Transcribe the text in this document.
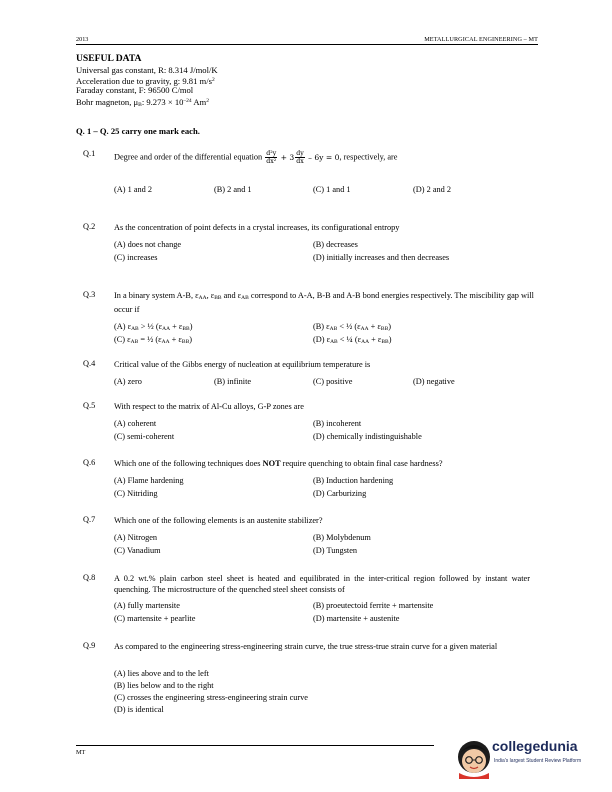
2013	METALLURGICAL ENGINEERING – MT
USEFUL DATA
Universal gas constant, R: 8.314 J/mol/K
Acceleration due to gravity, g: 9.81 $m/s^2$
Faraday constant, F: 96500 C/mol
Bohr magneton, μB: $9.273 \times 10^{-24}$ Am$^2$
Q. 1 – Q. 25 carry one mark each.
Q.1 Degree and order of the differential equation $\frac{\text{d²y}}{\text{dx²}} + 3 \frac{dy}{dx} - 6y = 0$, respectively, are
(A) 1 and 2	(B) 2 and 1	(C) 1 and 1	(D) 2 and 2
Q.2 As the concentration of point defects in a crystal increases, its configurational entropy
(A) does not change	(B) decreases
(C) increases	(D) initially increases and then decreases
Q.3 In a binary system A-B, εAA, εBB and εAB correspond to A-A, B-B and A-B bond energies respectively. The miscibility gap will occur if
(A) εAB > ½ (εAA + εBB)	(B) εAB < ½ (εAA + εBB)
(C) εAB = ½ (εAA + εBB)	(D) εAB < ¼ (εAA + εBB)
Q.4 Critical value of the Gibbs energy of nucleation at equilibrium temperature is
(A) zero	(B) infinite	(C) positive	(D) negative
Q.5 With respect to the matrix of Al-Cu alloys, G-P zones are
(A) coherent	(B) incoherent
(C) semi-coherent	(D) chemically indistinguishable
Q.6 Which one of the following techniques does NOT require quenching to obtain final case hardness?
(A) Flame hardening	(B) Induction hardening
(C) Nitriding	(D) Carburizing
Q.7 Which one of the following elements is an austenite stabilizer?
(A) Nitrogen	(B) Molybdenum
(C) Vanadium	(D) Tungsten
Q.8 A 0.2 wt.% plain carbon steel sheet is heated and equilibrated in the inter-critical region followed by instant water quenching. The microstructure of the quenched steel sheet consists of
(A) fully martensite	(B) proeutectoid ferrite + martensite
(C) martensite + pearlite	(D) martensite + austenite
Q.9 As compared to the engineering stress-engineering strain curve, the true stress-true strain curve for a given material
(A) lies above and to the left
(B) lies below and to the right
(C) crosses the engineering stress-engineering strain curve
(D) is identical
MT	collegedunia
India's largest Student Review Platform
